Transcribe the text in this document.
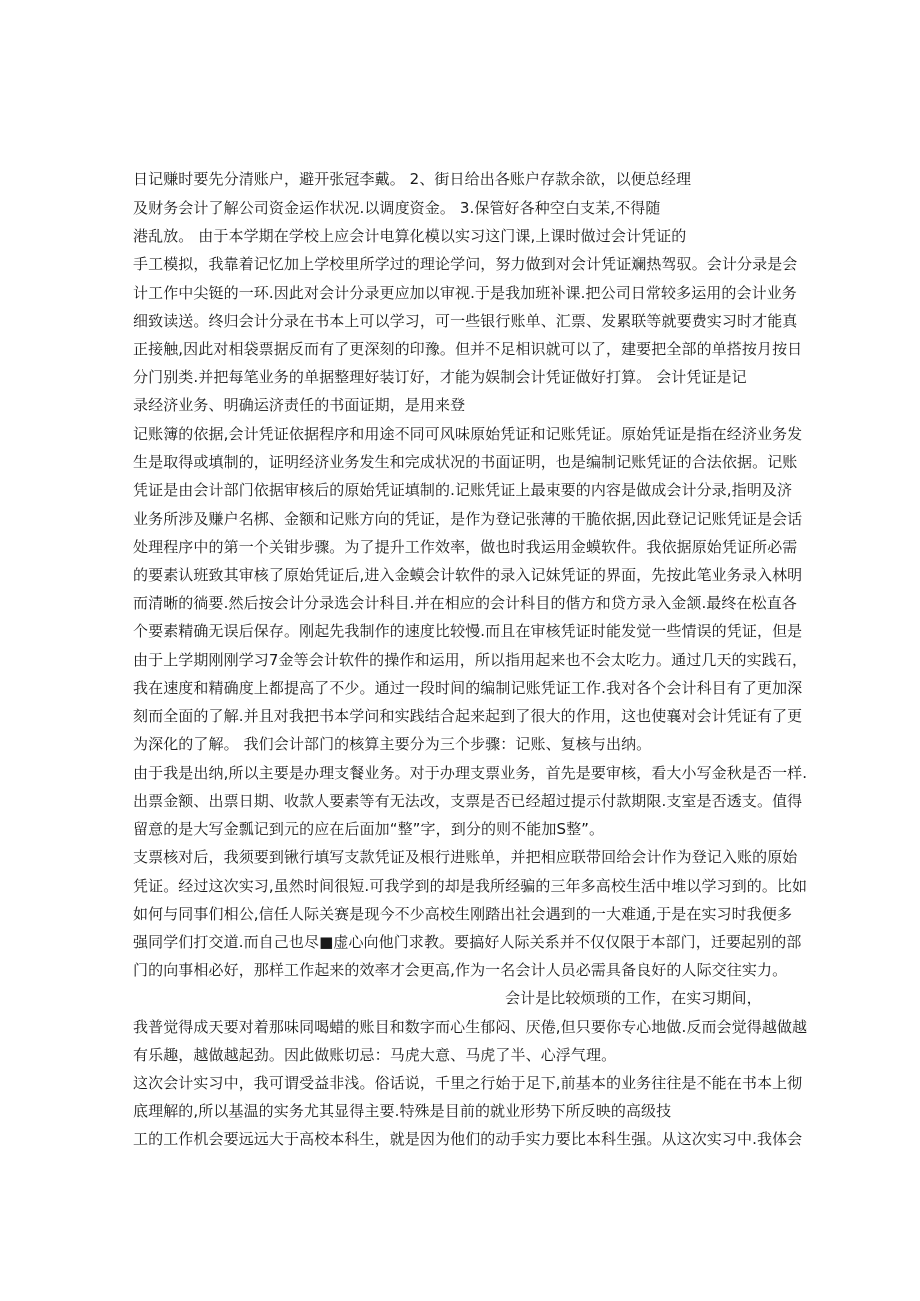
日记赚时要先分清账户，避开张冠李戴。 2、街日给出各账户存款余欲，以便总经理
及财务会计了解公司资金运作状况.以调度资金。 3.保管好各种空白支苿,不得随
港乱放。 由于本学期在学校上应会计电算化模以实习这门课,上课时做过会计凭证的
手工模拟，我靠着记忆加上学校里所学过的理论学问，努力做到对会计凭证斓热驾驭。会计分录是会
计工作中尖铤的一环.因此对会计分录更应加以审视.于是我加班补课.把公司日常较多运用的会计业务
细致读送。终归会计分录在书本上可以学习，可一些银行账单、汇票、发累联等就要费实习时才能真
正接触,因此对相袋票据反而有了更深刻的印豫。但并不足相识就可以了，建要把全部的单搭按月按日
分门别类.并把每笔业务的单据整理好装订好，才能为娱制会计凭证做好打算。 会计凭证是记
录经济业务、明确运济责任的书面证期，是用来登
记账簿的依据,会计凭证依据程序和用途不同可风味原始凭证和记账凭证。原始凭证是指在经济业务发
生是取得或填制的，证明经济业务发生和完成状况的书面证明，也是编制记账凭证的合法依据。记账
凭证是由会计部门依据审核后的原始凭证填制的.记账凭证上最束要的内容是做成会计分录,指明及济
业务所涉及赚户名梆、金额和记账方向的凭证，是作为登记张薄的干脆依据,因此登记记账凭证是会话
处理程序中的第一个关钳步骤。为了提升工作效率，做也时我运用金蟆软件。我依据原始凭证所必需
的要素认班致其审核了原始凭证后,进入金蟆会计软件的录入记妹凭证的界面，先按此笔业务录入林明
而清晰的徜要.然后按会计分录选会计科目.并在相应的会计科目的偕方和贷方录入金颔.最终在松直各
个要素精确无误后保存。刚起先我制作的速度比较慢.而且在审核凭证时能发觉一些情误的凭证，但是
由于上学期刚刚学习7金等会计软件的操作和运用，所以指用起来也不会太吃力。通过几天的实践石，
我在速度和精确度上都提高了不少。通过一段时间的编制记账凭证工作.我对各个会计科目有了更加深
刻而全面的了解.并且对我把书本学问和实践结合起来起到了很大的作用，这也使襄对会计凭证有了更
为深化的了解。 我们会计部门的核算主要分为三个步骤：记账、复核与出纳。
由于我是出纳,所以主要是办理支餐业务。对于办理支票业务，首先是要审核，看大小写金秋是否一样.
出票金额、出票日期、收款人要素等有无法改，支票是否已经超过提示付款期限.支室是否透支。值得
留意的是大写金瓢记到元的应在后面加“整”字，到分的则不能加S整”。
支票核对后，我须要到锹行填写支款凭证及根行进账单，并把相应联带回给会计作为登记入账的原始
凭证。经过这次实习,虽然时间很短.可我学到的却是我所经骗的三年多高校生活中堆以学习到的。比如
如何与同事们相公,信任人际关赛是现今不少高校生刚踏出社会遇到的一大难通,于是在实习时我便多
强同学们打交道.而自己也尽■虚心向他门求教。要搞好人际关系并不仅仅限于本部门，迁要起别的部
门的向事相必好，那样工作起来的效率才会更高,作为一名会计人员必需具备良好的人际交往实力。
会计是比较烦琐的工作，在实习期间，
我普觉得成天要对着那味同喝蜡的账目和数字而心生郁闷、厌倦,但只要你专心地做.反而会觉得越做越
有乐趣，越做越起劲。因此做账切忌：马虎大意、马虎了半、心浮气理。
这次会计实习中，我可谓受益非浅。俗话说，千里之行始于足下,前基本的业务往往是不能在书本上彻
底理解的,所以基温的实务尤其显得主要.特殊是目前的就业形势下所反映的高级技
工的工作机会要远远大于高校本科生，就是因为他们的动手实力要比本科生强。从这次实习中.我体会
